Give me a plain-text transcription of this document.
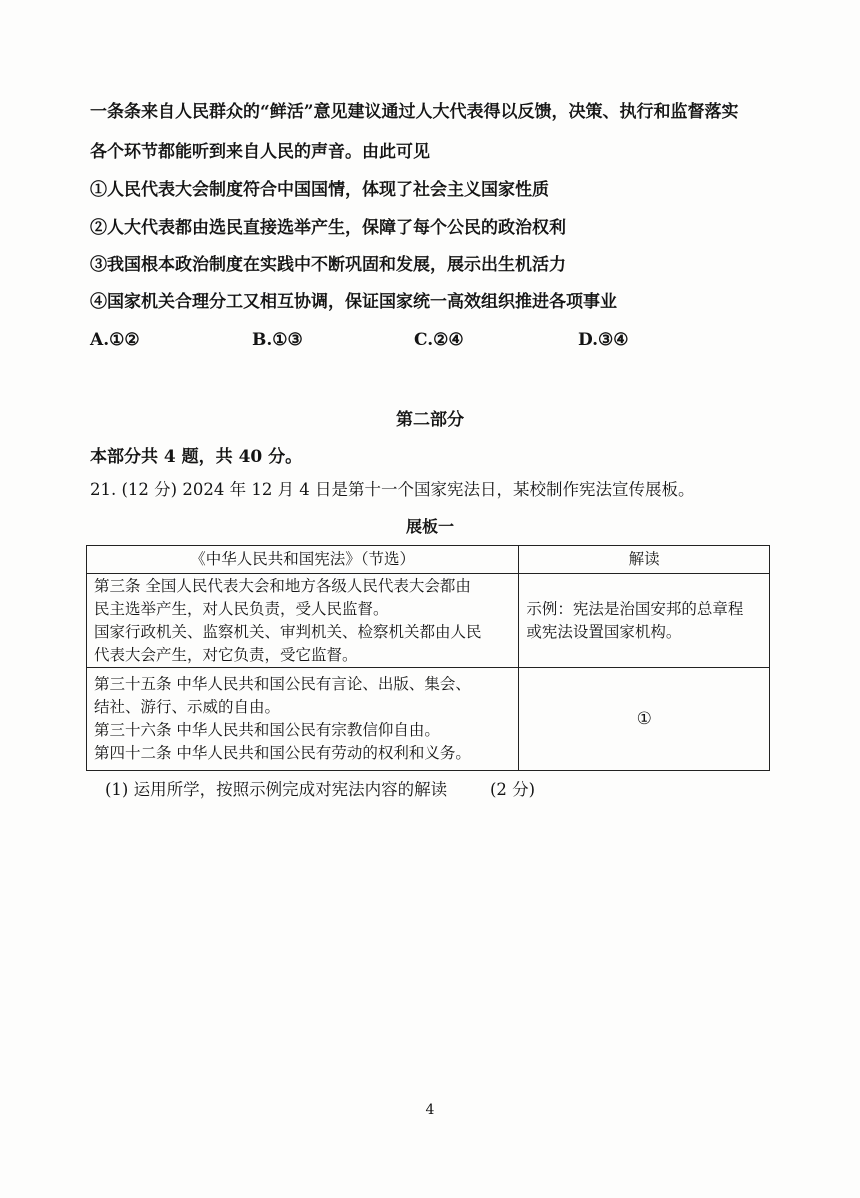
一条条来自人民群众的“鲜活”意见建议通过人大代表得以反馈，决策、执行和监督落实
各个环节都能听到来自人民的声音。由此可见
①人民代表大会制度符合中国国情，体现了社会主义国家性质
②人大代表都由选民直接选举产生，保障了每个公民的政治权利
③我国根本政治制度在实践中不断巩固和发展，展示出生机活力
④国家机关合理分工又相互协调，保证国家统一高效组织推进各项事业
A.①②	B.①③	C.②④	D.③④
第二部分
本部分共 4 题，共 40 分。
21. (12 分) 2024 年 12 月 4 日是第十一个国家宪法日，某校制作宪法宣传展板。
展板一
《中华人民共和国宪法》（节选）	解读

第三条 全国人民代表大会和地方各级人民代表大会都由
民主选举产生，对人民负责，受人民监督。
国家行政机关、监察机关、审判机关、检察机关都由人民
代表大会产生，对它负责，受它监督。	示例：宪法是治国安邦的总章程
或宪法设置国家机构。

第三十五条 中华人民共和国公民有言论、出版、集会、
结社、游行、示威的自由。
第三十六条 中华人民共和国公民有宗教信仰自由。
第四十二条 中华人民共和国公民有劳动的权利和义务。	①
(1) 运用所学，按照示例完成对宪法内容的解读	(2 分)
4
